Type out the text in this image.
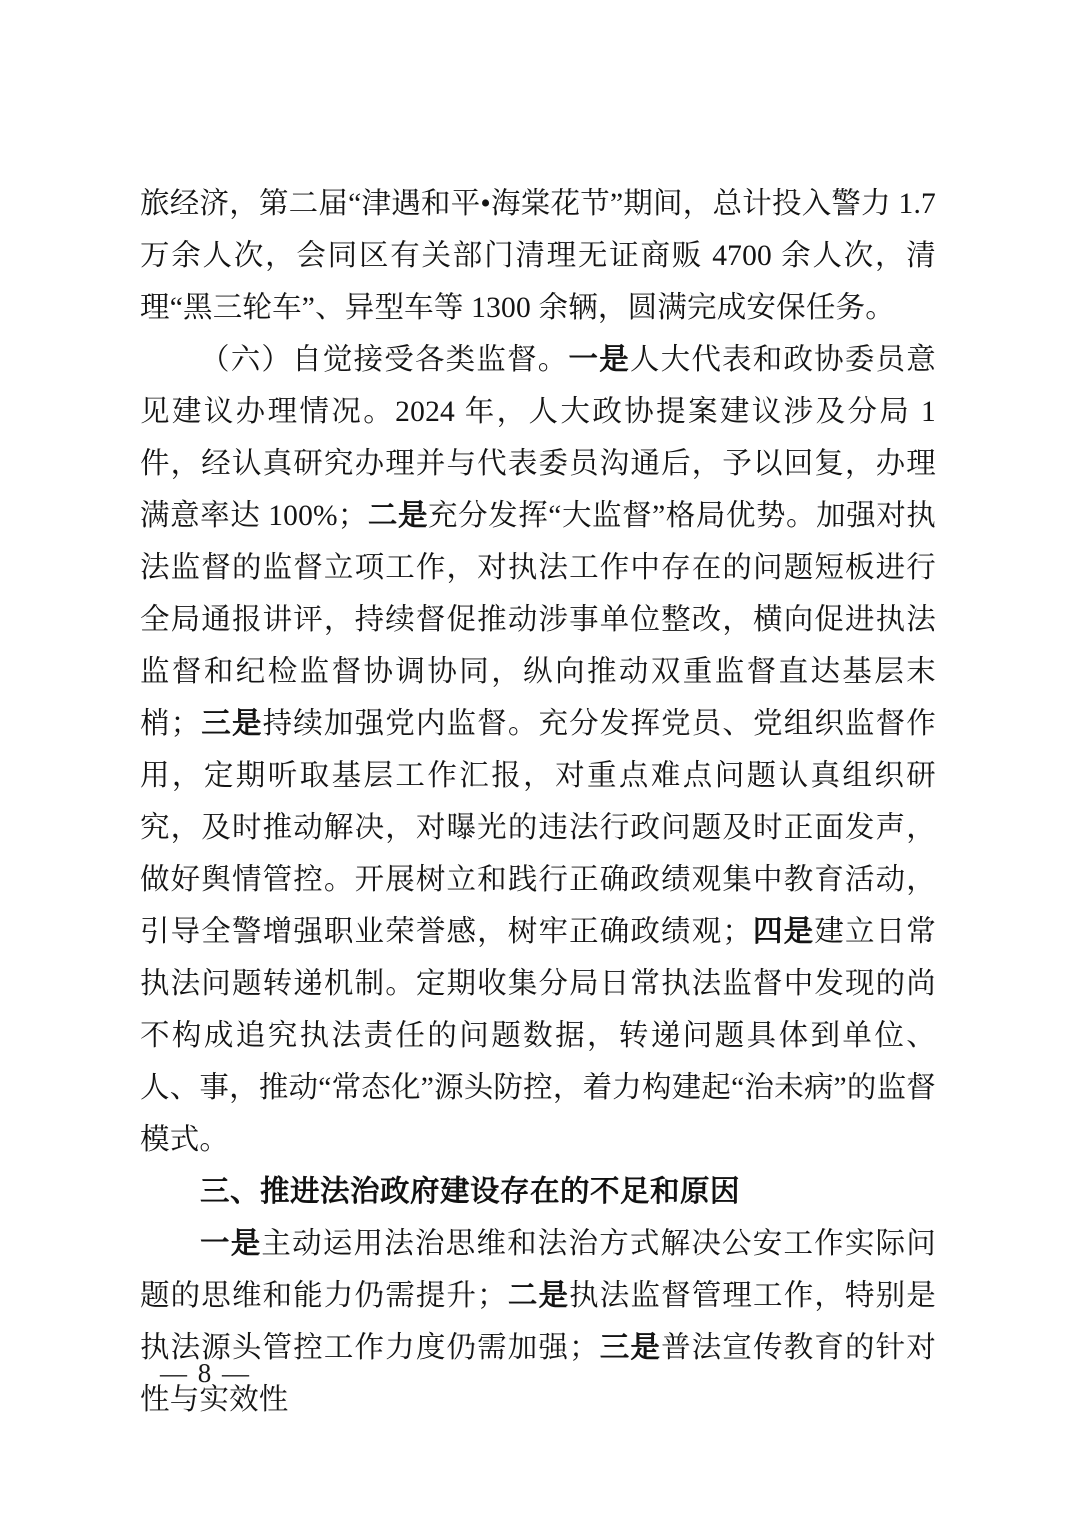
旅经济，第二届“津遇和平•海棠花节”期间，总计投入警力 1.7 万余人次，会同区有关部门清理无证商贩 4700 余人次，清理“黑三轮车”、异型车等 1300 余辆，圆满完成安保任务。

（六）自觉接受各类监督。一是人大代表和政协委员意见建议办理情况。2024 年，人大政协提案建议涉及分局 1 件，经认真研究办理并与代表委员沟通后，予以回复，办理满意率达 100%；二是充分发挥“大监督”格局优势。加强对执法监督的监督立项工作，对执法工作中存在的问题短板进行全局通报讲评，持续督促推动涉事单位整改，横向促进执法监督和纪检监督协调协同，纵向推动双重监督直达基层末梢；三是持续加强党内监督。充分发挥党员、党组织监督作用，定期听取基层工作汇报，对重点难点问题认真组织研究，及时推动解决，对曝光的违法行政问题及时正面发声，做好舆情管控。开展树立和践行正确政绩观集中教育活动，引导全警增强职业荣誉感，树牢正确政绩观；四是建立日常执法问题转递机制。定期收集分局日常执法监督中发现的尚不构成追究执法责任的问题数据，转递问题具体到单位、人、事，推动“常态化”源头防控，着力构建起“治未病”的监督模式。

三、推进法治政府建设存在的不足和原因

一是主动运用法治思维和法治方式解决公安工作实际问题的思维和能力仍需提升；二是执法监督管理工作，特别是执法源头管控工作力度仍需加强；三是普法宣传教育的针对性与实效性

— 8 —
